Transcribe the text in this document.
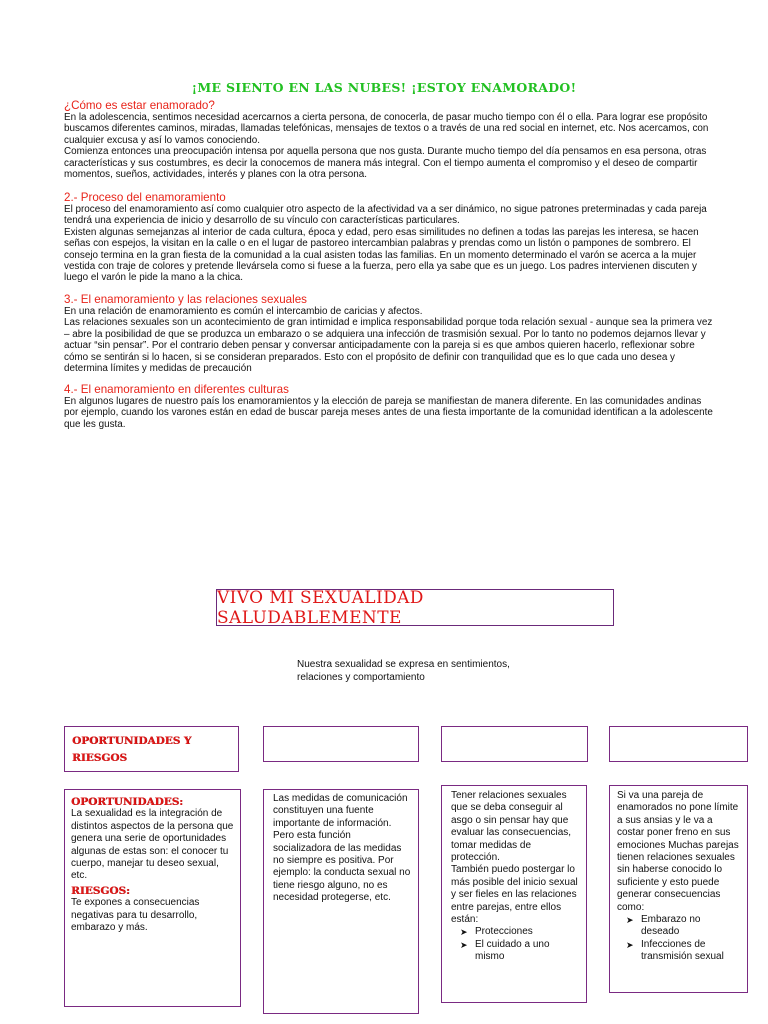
¡ME SIENTO EN LAS NUBES! ¡ESTOY ENAMORADO!

¿Cómo es estar enamorado?

En la adolescencia, sentimos necesidad acercarnos a cierta persona, de conocerla, de pasar mucho tiempo con él o ella. Para lograr ese propósito buscamos diferentes caminos, miradas, llamadas telefónicas, mensajes de textos o a través de una red social en internet, etc. Nos acercamos, con cualquier excusa y así lo vamos conociendo.

Comienza entonces una preocupación intensa por aquella persona que nos gusta. Durante mucho tiempo del día pensamos en esa persona, otras características y sus costumbres, es decir la conocemos de manera más integral. Con el tiempo aumenta el compromiso y el deseo de compartir momentos, sueños, actividades, interés y planes con la otra persona.

2.- Proceso del enamoramiento

El proceso del enamoramiento así como cualquier otro aspecto de la afectividad va a ser dinámico, no sigue patrones preterminadas y cada pareja tendrá una experiencia de inicio y desarrollo de su vínculo con características particulares.

Existen algunas semejanzas al interior de cada cultura, época y edad, pero esas similitudes no definen a todas las parejas les interesa, se hacen señas con espejos, la visitan en la calle o en el lugar de pastoreo intercambian palabras y prendas como un listón o pampones de sombrero. El consejo termina en la gran fiesta de la comunidad a la cual asisten todas las familias. En un momento determinado el varón se acerca a la mujer vestida con traje de colores y pretende llevársela como si fuese a la fuerza, pero ella ya sabe que es un juego. Los padres intervienen discuten y luego el varón le pide la mano a la chica.

3.- El enamoramiento y las relaciones sexuales

En una relación de enamoramiento es común el intercambio de caricias y afectos.

Las relaciones sexuales son un acontecimiento de gran intimidad e implica responsabilidad porque toda relación sexual - aunque sea la primera vez – abre la posibilidad de que se produzca un embarazo o se adquiera una infección de trasmisión sexual. Por lo tanto no podemos dejarnos llevar y actuar “sin pensar”. Por el contrario deben pensar y conversar anticipadamente con la pareja si es que ambos quieren hacerlo, reflexionar sobre cómo se sentirán si lo hacen, si se consideran preparados. Esto con el propósito de definir con tranquilidad que es lo que cada uno desea y determina límites y medidas de precaución

4.- El enamoramiento en diferentes culturas

En algunos lugares de nuestro país los enamoramientos y la elección de pareja se manifiestan de manera diferente. En las comunidades andinas por ejemplo, cuando los varones están en edad de buscar pareja meses antes de una fiesta importante de la comunidad identifican a la adolescente que les gusta.

VIVO MI SEXUALIDAD SALUDABLEMENTE
Nuestra sexualidad se expresa en sentimientos, relaciones y comportamiento
OPORTUNIDADES Y RIESGOS
OPORTUNIDADES:

La sexualidad es la integración de distintos aspectos de la persona que genera una serie de oportunidades algunas de estas son: el conocer tu cuerpo, manejar tu deseo sexual, etc.

RIESGOS:

Te expones a consecuencias negativas para tu desarrollo, embarazo y más.

Las medidas de comunicación constituyen una fuente importante de información. Pero esta función socializadora de las medidas no siempre es positiva. Por ejemplo: la conducta sexual no tiene riesgo alguno, no es necesidad protegerse, etc.

Tener relaciones sexuales que se deba conseguir al asgo o sin pensar hay que evaluar las consecuencias, tomar medidas de protección.

También puedo postergar lo más posible del inicio sexual y ser fieles en las relaciones entre parejas, entre ellos están:

➤ Protecciones
➤ El cuidado a uno mismo

Si va una pareja de enamorados no pone límite a sus ansias y le va a costar poner freno en sus emociones Muchas parejas tienen relaciones sexuales sin haberse conocido lo suficiente y esto puede generar consecuencias como:

➤ Embarazo no deseado
➤ Infecciones de transmisión sexual
